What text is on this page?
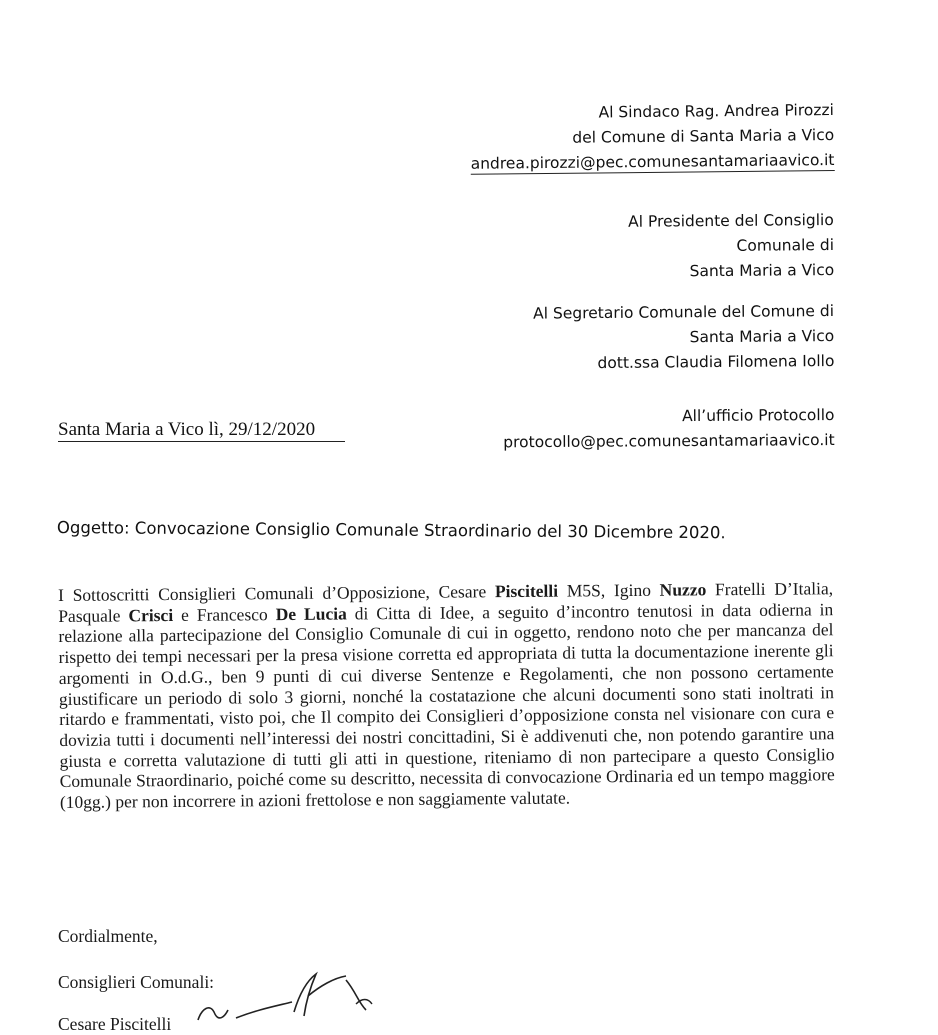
Al Sindaco Rag. Andrea Pirozzi
del Comune di Santa Maria a Vico
andrea.pirozzi@pec.comunesantamariaavico.it
Al Presidente del Consiglio
Comunale di
Santa Maria a Vico
Al Segretario Comunale del Comune di
Santa Maria a Vico
dott.ssa Claudia Filomena Iollo
All’ufficio Protocollo
protocollo@pec.comunesantamariaavico.it
Santa Maria a Vico lì, 29/12/2020
Oggetto: Convocazione Consiglio Comunale Straordinario del 30 Dicembre 2020.
I Sottoscritti Consiglieri Comunali d’Opposizione, Cesare Piscitelli M5S, Igino Nuzzo Fratelli D’Italia, Pasquale Crisci e Francesco De Lucia di Citta di Idee, a seguito d’incontro tenutosi in data odierna in relazione alla partecipazione del Consiglio Comunale di cui in oggetto, rendono noto che per mancanza del rispetto dei tempi necessari per la presa visione corretta ed appropriata di tutta la documentazione inerente gli argomenti in O.d.G., ben 9 punti di cui diverse Sentenze e Regolamenti, che non possono certamente giustificare un periodo di solo 3 giorni, nonché la costatazione che alcuni documenti sono stati inoltrati in ritardo e frammentati, visto poi, che Il compito dei Consiglieri d’opposizione consta nel visionare con cura e dovizia tutti i documenti nell’interessi dei nostri concittadini, Si è addivenuti che, non potendo garantire una giusta e corretta valutazione di tutti gli atti in questione, riteniamo di non partecipare a questo Consiglio Comunale Straordinario, poiché come su descritto, necessita di convocazione Ordinaria ed un tempo maggiore (10gg.) per non incorrere in azioni frettolose e non saggiamente valutate.
Cordialmente,
Consiglieri Comunali:
Cesare Piscitelli
